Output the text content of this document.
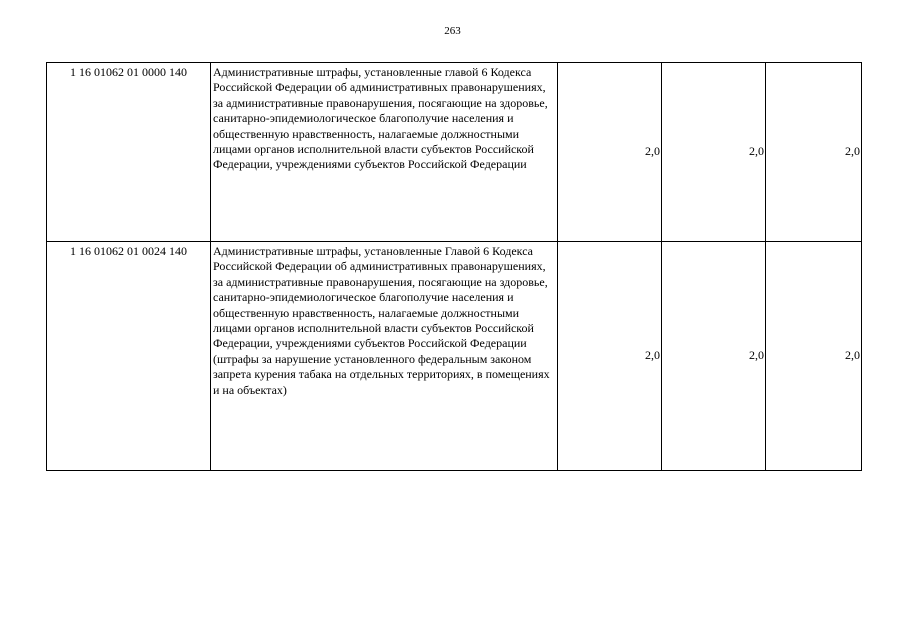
263
1 16 01062 01 0000 140	Административные штрафы, установленные главой 6 Кодекса Российской Федерации об административных правонарушениях, за административные правонарушения, посягающие на здоровье, санитарно-эпидемиологическое благополучие населения и общественную нравственность, налагаемые должностными лицами органов исполнительной власти субъектов Российской Федерации, учреждениями субъектов Российской Федерации	2,0	2,0	2,0
1 16 01062 01 0024 140	Административные штрафы, установленные Главой 6 Кодекса Российской Федерации об административных правонарушениях, за административные правонарушения, посягающие на здоровье, санитарно-эпидемиологическое благополучие населения и общественную нравственность, налагаемые должностными лицами органов исполнительной власти субъектов Российской Федерации, учреждениями субъектов Российской Федерации (штрафы за нарушение установленного федеральным законом запрета курения табака на отдельных территориях, в помещениях и на объектах)	2,0	2,0	2,0
